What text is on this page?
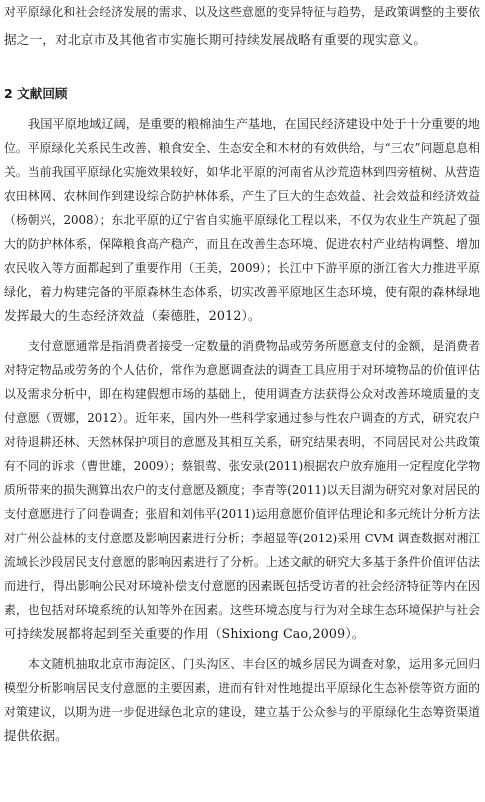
对平原绿化和社会经济发展的需求、以及这些意愿的变异特征与趋势，是政策调整的主要依
据之一，对北京市及其他省市实施长期可持续发展战略有重要的现实意义。
2 文献回顾
我国平原地域辽阔，是重要的粮棉油生产基地，在国民经济建设中处于十分重要的地
位。平原绿化关系民生改善、粮食安全、生态安全和木材的有效供给，与“三农”问题息息相
关。当前我国平原绿化实施效果较好，如华北平原的河南省从沙荒造林到四旁植树、从营造
农田林网、农林间作到建设综合防护林体系，产生了巨大的生态效益、社会效益和经济效益
（杨朝兴，2008）；东北平原的辽宁省自实施平原绿化工程以来，不仅为农业生产筑起了强
大的防护林体系，保障粮食高产稳产，而且在改善生态环境、促进农村产业结构调整、增加
农民收入等方面都起到了重要作用（王美，2009）；长江中下游平原的浙江省大力推进平原
绿化，着力构建完备的平原森林生态体系，切实改善平原地区生态环境，使有限的森林绿地
发挥最大的生态经济效益（秦德胜，2012）。
支付意愿通常是指消费者接受一定数量的消费物品或劳务所愿意支付的金额，是消费者
对特定物品或劳务的个人估价，常作为意愿调查法的调查工具应用于对环境物品的价值评估
以及需求分析中，即在构建假想市场的基础上，使用调查方法获得公众对改善环境质量的支
付意愿（贾娜，2012）。近年来，国内外一些科学家通过参与性农户调查的方式，研究农户
对待退耕还林、天然林保护项目的意愿及其相互关系，研究结果表明，不同居民对公共政策
有不同的诉求（曹世雄，2009）；蔡银莺、张安录(2011)根据农户放弃施用一定程度化学物
质所带来的损失测算出农户的支付意愿及额度；李青等(2011)以天目湖为研究对象对居民的
支付意愿进行了问卷调查；张眉和刘伟平(2011)运用意愿价值评估理论和多元统计分析方法
对广州公益林的支付意愿及影响因素进行分析；李超显等(2012)采用 CVM 调查数据对湘江
流域长沙段居民支付意愿的影响因素进行了分析。上述文献的研究大多基于条件价值评估法
而进行，得出影响公民对环境补偿支付意愿的因素既包括受访者的社会经济特征等内在因
素，也包括对环境系统的认知等外在因素。这些环境态度与行为对全球生态环境保护与社会
可持续发展都将起到至关重要的作用（Shixiong Cao,2009）。
本文随机抽取北京市海淀区、门头沟区、丰台区的城乡居民为调查对象，运用多元回归
模型分析影响居民支付意愿的主要因素，进而有针对性地提出平原绿化生态补偿等资方面的
对策建议，以期为进一步促进绿色北京的建设，建立基于公众参与的平原绿化生态筹资渠道
提供依据。
